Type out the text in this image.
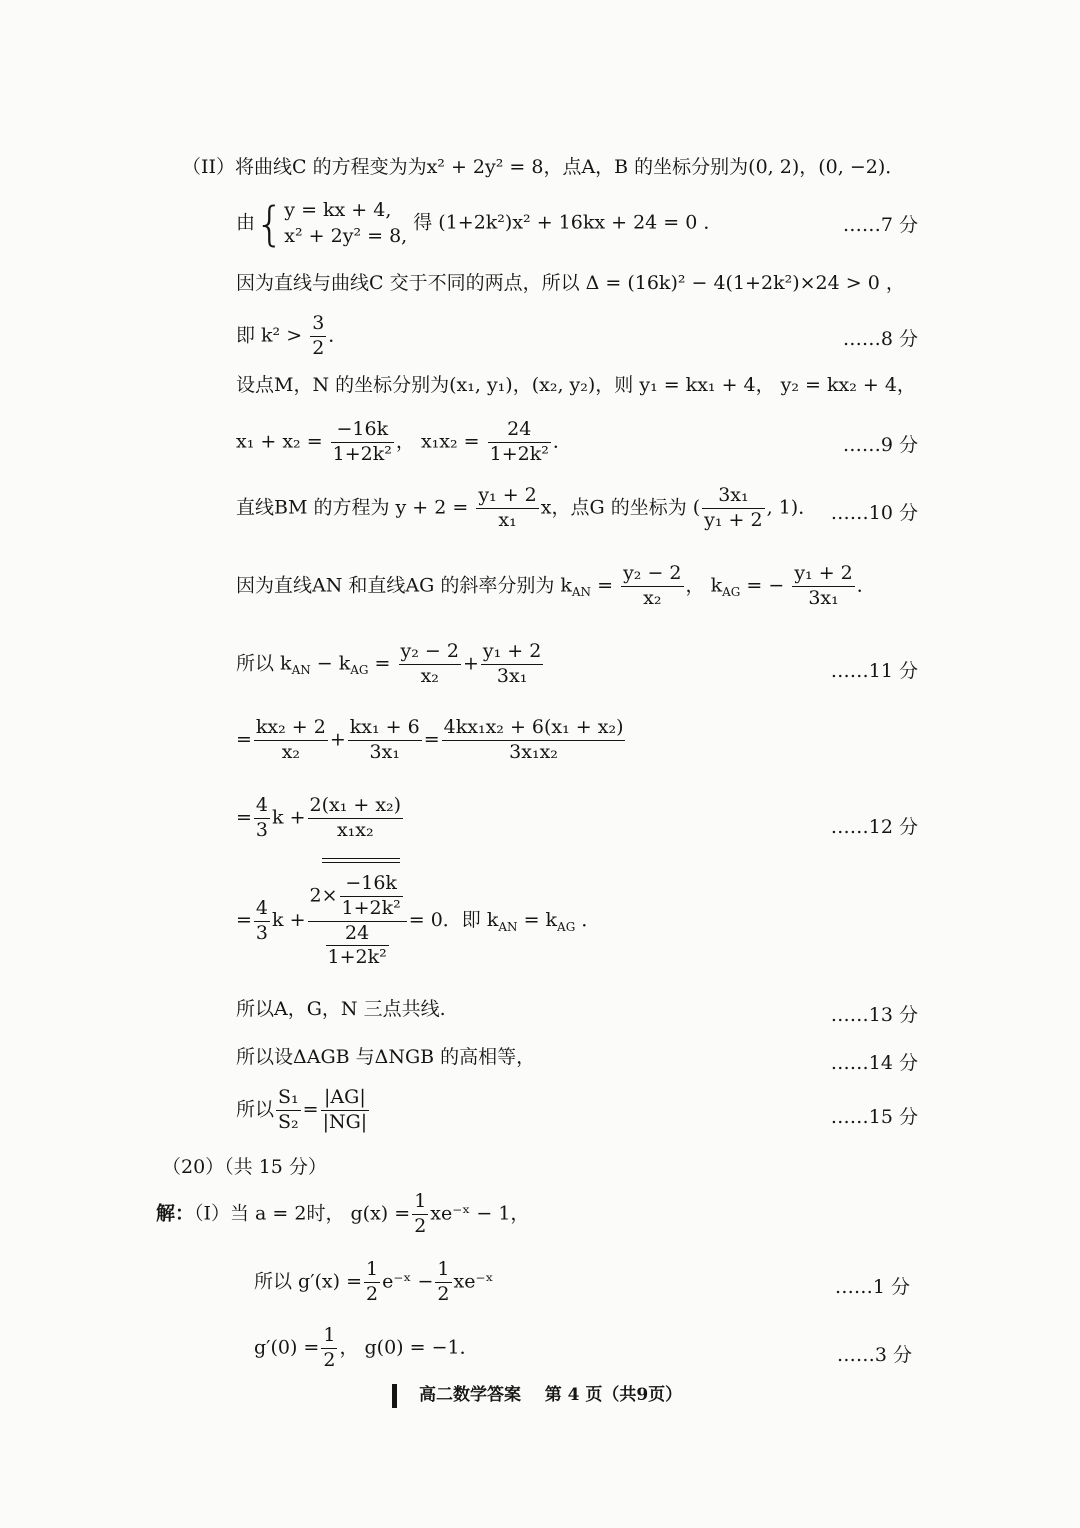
（II）将曲线C 的方程变为为x² + 2y² = 8，点A，B 的坐标分别为(0, 2)，(0, −2)．
由{ y = kx + 4,
x² + 2y² = 8,
得 (1+2k²)x² + 16kx + 24 = 0 ．	……7 分
因为直线与曲线C 交于不同的两点，所以 Δ = (16k)² − 4(1+2k²)×24 > 0 ，
即 $k^2 > \frac{3}{2}$ ．	……8 分
设点M，N 的坐标分别为(x₁, y₁)，(x₂, y₂)，则 y₁ = kx₁ + 4， y₂ = kx₂ + 4，
$x_1 + x_2 = \frac{-16k}{\text{1+2k²}}$ ， $x_1x_2 = \frac{24}{\text{1+2k²}}$ ．	……9 分
直线BM 的方程为 $y + 2 = \frac{\text{y₁ + 2}}{\text{x₁}}$ x，点G 的坐标为 ( $\frac{\text{3x₁}}{\text{y₁ + 2}}$ , 1)． ……10 分
因为直线AN 和直线AG 的斜率分别为 $k_{AN} = \frac{\text{y₂ − 2}}{\text{x₂}}$ ， $k_{AG}$ = − $\frac{\text{y₁ + 2}}{\text{3x₁}}$ ．
所以 $k_{AN} - k_{AG} = \frac{\text{y₂ − 2}}{\text{x₂}} + \frac{\text{y₁ + 2}}{\text{3x₁}}$	……11 分
= $\frac{\text{kx₂ + 2}}{\text{x₂}} + \frac{\text{kx₁ + 6}}{\text{3x₁}} = \frac{\text{4kx₁x₂ + 6(x₁ + x₂)}}{\text{3x₁x₂}}$
= $\frac{4}{3}$ $k + \frac{\text{2(x₁ + x₂)}}{\text{x₁x₂}}$	……12 分
= $\frac{4}{3}$ $k + \frac{2\times \frac{-16k}{\text{1+2k²}}}{\frac{24}{\text{1+2k²}}} = 0$．即 $k_{AN} = k_{AG}$ ．
所以A，G，N 三点共线.	……13 分
所以设ΔAGB 与ΔNGB 的高相等，	……14 分
所以 $\frac{\text{S₁}}{\text{S₂}} = \frac{|AG|}{|NG|}$	……15 分
（20）（共 15 分）
解：（I）当 a = 2时， $g(x) = \frac{1}{2}$ xe⁻ˣ − 1，
所以 $g'(x) = \frac{1}{2}$ e⁻ˣ − $\frac{1}{2}$ xe⁻ˣ	……1 分
$g'(0) = \frac{1}{2}$ ， g(0) = −1．	……3 分
高二数学答案 第 4 页（共9页）
